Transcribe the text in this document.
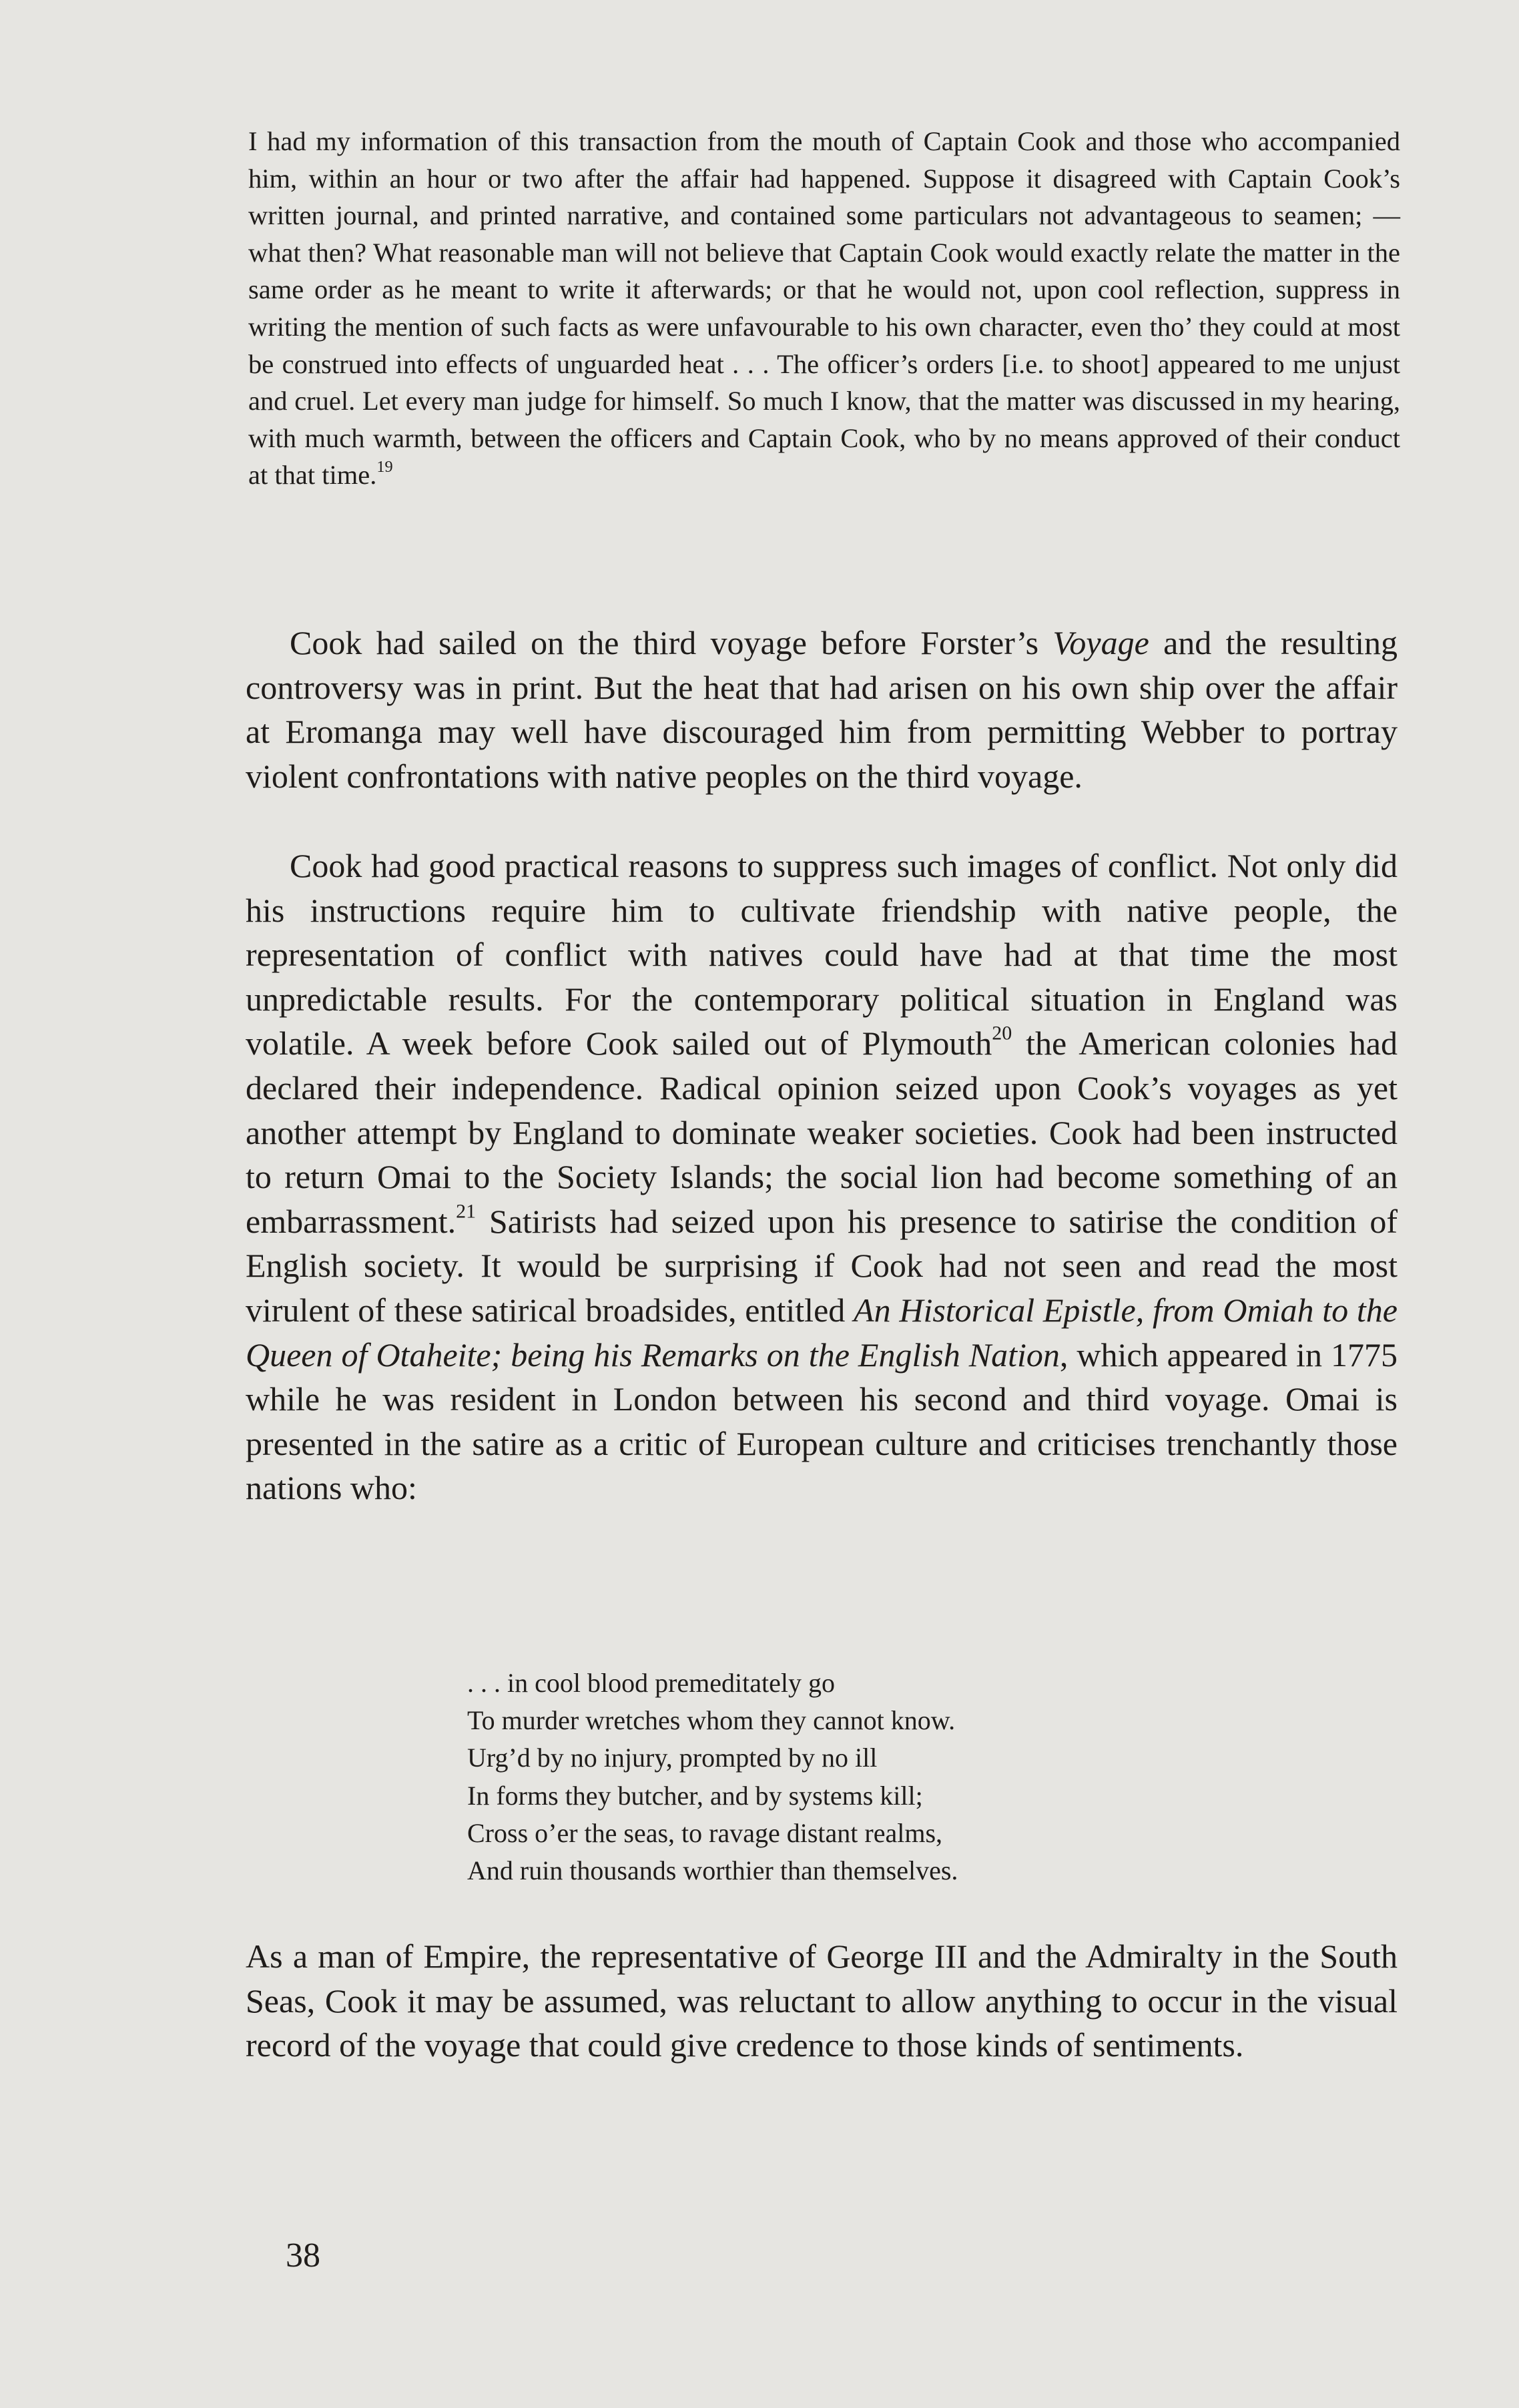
I had my information of this transaction from the mouth of Captain Cook and those who accompanied him, within an hour or two after the affair had happened. Suppose it disagreed with Captain Cook’s written journal, and printed narrative, and contained some particulars not advantageous to seamen; — what then? What reasonable man will not believe that Captain Cook would exactly relate the matter in the same order as he meant to write it afterwards; or that he would not, upon cool reflection, suppress in writing the mention of such facts as were unfavourable to his own character, even tho’ they could at most be construed into effects of unguarded heat . . . The officer’s orders [i.e. to shoot] appeared to me unjust and cruel. Let every man judge for himself. So much I know, that the matter was discussed in my hearing, with much warmth, between the officers and Captain Cook, who by no means approved of their conduct at that time.$^{19}$

Cook had sailed on the third voyage before Forster’s Voyage and the resulting controversy was in print. But the heat that had arisen on his own ship over the affair at Eromanga may well have discouraged him from permitting Webber to portray violent confrontations with native peoples on the third voyage.

Cook had good practical reasons to suppress such images of conflict. Not only did his instructions require him to cultivate friendship with native people, the representation of conflict with natives could have had at that time the most unpredictable results. For the contemporary political situation in England was volatile. A week before Cook sailed out of Plymouth$^{20}$ the American colonies had declared their independence. Radical opinion seized upon Cook’s voyages as yet another attempt by England to dominate weaker societies. Cook had been instructed to return Omai to the Society Islands; the social lion had become something of an embarrassment.$^{21}$ Satirists had seized upon his presence to satirise the condition of English society. It would be surprising if Cook had not seen and read the most virulent of these satirical broadsides, entitled An Historical Epistle, from Omiah to the Queen of Otaheite; being his Remarks on the English Nation, which appeared in 1775 while he was resident in London between his second and third voyage. Omai is presented in the satire as a critic of European culture and criticises trenchantly those nations who:

. . . in cool blood premeditately go
To murder wretches whom they cannot know.
Urg’d by no injury, prompted by no ill
In forms they butcher, and by systems kill;
Cross o’er the seas, to ravage distant realms,
And ruin thousands worthier than themselves.

As a man of Empire, the representative of George III and the Admiralty in the South Seas, Cook it may be assumed, was reluctant to allow anything to occur in the visual record of the voyage that could give credence to those kinds of sentiments.

38
